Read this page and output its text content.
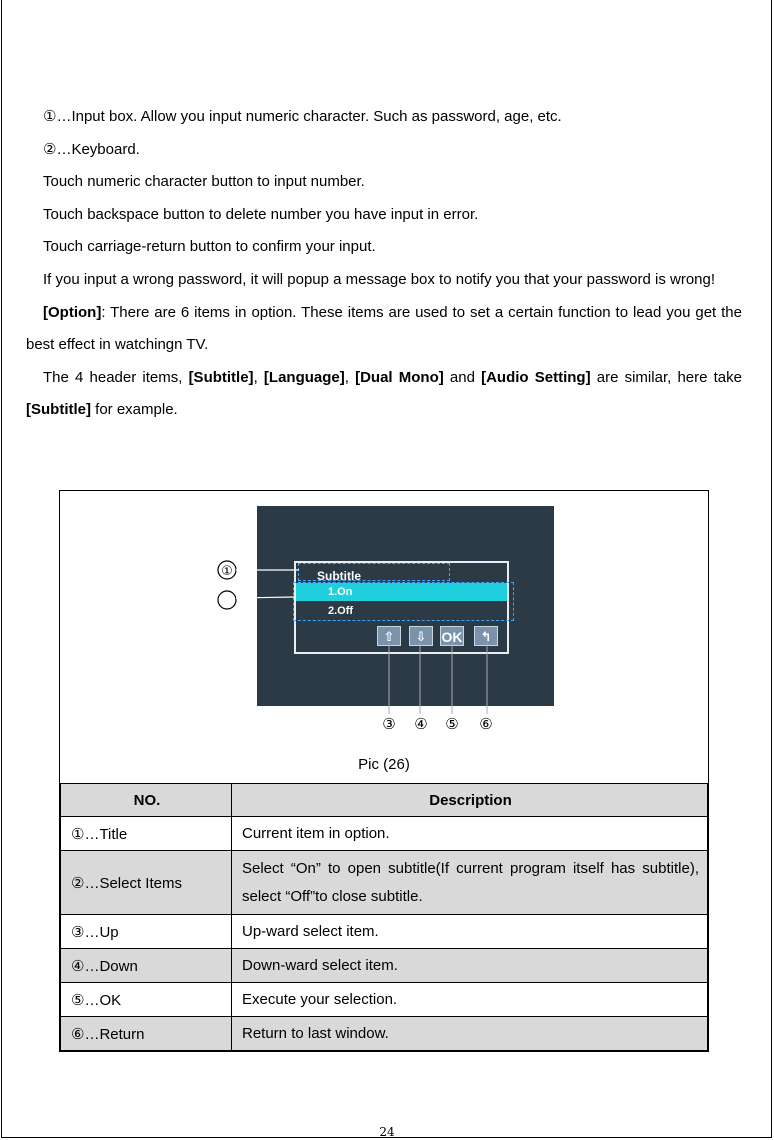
①…Input box. Allow you input numeric character. Such as password, age, etc.

②…Keyboard.

Touch numeric character button to input number.

Touch backspace button to delete number you have input in error.

Touch carriage-return button to confirm your input.

If you input a wrong password, it will popup a message box to notify you that your password is wrong!

[Option]: There are 6 items in option. These items are used to set a certain function to lead you get the best effect in watchingn TV.

The 4 header items, [Subtitle], [Language], [Dual Mono] and [Audio Setting] are similar, here take [Subtitle] for example.

Subtitle
1.On
2.Off
⇧	⇩	OK	↰
①
③ ④ ⑤ ⑥
Pic (26)
NO.	Description
①…Title	Current item in option.
②…Select Items	Select “On” to open subtitle(If current program itself has subtitle), select “Off”to close subtitle.
③…Up	Up-ward select item.
④…Down	Down-ward select item.
⑤…OK	Execute your selection.
⑥…Return	Return to last window.
24
